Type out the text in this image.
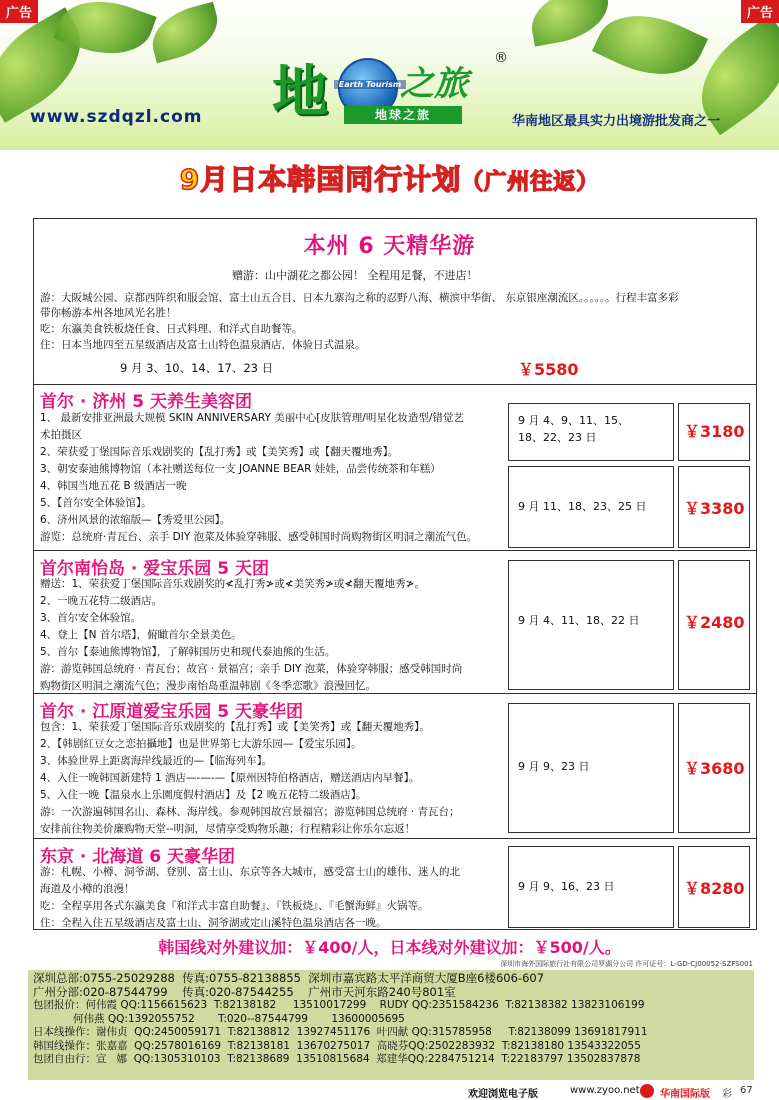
广告	广告
地	Earth Tourism
之旅
®
地球之旅
www.szdqzl.com	华南地区最具实力出境游批发商之一
9月日本韩国同行计划（广州往返）
本州 6 天精华游
赠游：山中湖花之都公园！ 全程用足餐，不进店！
游：大阪城公园、京都西阵织和服会馆、富士山五合目、日本九寨沟之称的忍野八海、横滨中华街、 东京银座潮流区。。。。。。行程丰富多彩
带你畅游本州各地风光名胜！
吃：东瀛美食铁板烧任食、日式料理、和洋式自助餐等。
住：日本当地四至五星级酒店及富士山特色温泉酒店，体验日式温泉。
9 月 3、10、14、17、23 日	￥5580
首尔 · 济州 5 天养生美容团
1、 最新安排亚洲最大规模 SKIN ANNIVERSARY 美丽中心[皮肤管理/明星化妆造型/错觉艺
术拍摄区
2、荣获爱丁堡国际音乐戏剧奖的【乱打秀】或【美笑秀】或【翻天覆地秀】。
3、朝安泰迪熊博物馆（本社赠送每位一支 JOANNE BEAR 娃娃，品尝传统茶和年糕）
4、韩国当地五花 B 级酒店一晚
5、【首尔安全体验馆】。
6、济州风景的浓缩版—【秀爱里公园】。
游览：总统府·青瓦台、亲手 DIY 泡菜及体验穿韩服、感受韩国时尚购物街区明洞之潮流气色。
9 月 4、9、11、15、
18、22、23 日	￥3180
9 月 11、18、23、25 日 ￥3380
首尔南怡岛 · 爱宝乐园 5 天团
赠送：1、荣获爱丁堡国际音乐戏剧奖的≮乱打秀≯或≮美笑秀≯或≮翻天覆地秀≯。
2、一晚五花特二级酒店。
3、首尔安全体验馆。
4、登上【N 首尔塔】，俯瞰首尔全景美色。
5、首尔【泰迪熊博物馆】，了解韩国历史和现代泰迪熊的生活。
游：游览韩国总统府 · 青瓦台；故宫 · 景福宫；亲手 DIY 泡菜，体验穿韩服；感受韩国时尚
购物街区明洞之潮流气色；漫步南怡岛重温韩剧《冬季恋歌》浪漫回忆。
9 月 4、11、18、22 日	￥2480
首尔 · 江原道爱宝乐园 5 天豪华团
包含：1、荣获爱丁堡国际音乐戏剧奖的【乱打秀】或【美笑秀】或【翻天覆地秀】。
2、【韩剧紅豆女之恋拍攝地】也是世界第七大游乐园—【爱宝乐园】。
3、体验世界上距离海岸线最近的—【临海列车】。
4、入住一晚韩国新建特 1 酒店—-—-—【原州因特伯格酒店，赠送酒店内早餐】。
5、入住一晚【温泉水上乐園度假村酒店】及【2 晚五花特二级酒店】。
游：一次游遍韩国名山、森林、海岸线。参观韩国故宫景福宫；游览韩国总统府 · 青瓦台；
安排前往物美价廉购物天堂--明洞，尽情享受购物乐趣；行程精彩让你乐尔忘返！
9 月 9、23 日	￥3680
东京 · 北海道 6 天豪华团
游：札幌、小樽、洞爷湖、登别、富士山、东京等各大城市，感受富士山的雄伟、迷人的北
海道及小樽的浪漫！
吃：全程享用各式东瀛美食『和洋式丰富自助餐』、『铁板烧』、『毛蟹海鲜』火锅等。
住：全程入住五星级酒店及富士山、洞爷湖或定山溪特色温泉酒店各一晚。
9 月 9、16、23 日	￥8280
韩国线对外建议加：￥400/人，日本线对外建议加：￥500/人。
深圳市海外国际旅行社有限公司罗湖分公司 许可证号：L-GD-CJ00052-SZFS001
深圳总部:0755-25029288  传真:0755-82138855  深圳市嘉宾路太平洋商贸大厦B座6楼606-607
广州分部:020-87544799    传真:020-87544255    广州市天河东路240号801室
包团报价：何伟霞 QQ:1156615623  T:82138182     13510017299    RUDY QQ:2351584236  T:82138382 13823106199
何伟燕 QQ:1392055752       T:020--87544799       13600005695
日本线操作：谢伟贞  QQ:2450059171  T:82138812  13927451176  叶四献 QQ:315785958     T:82138099 13691817911
韩国线操作：张嘉嘉  QQ:2578016169  T:82138181  13670275017  高晓芬QQ:2502283932  T:82138180 13543322055
包团自由行：宣   娜  QQ:1305310103  T:82138689  13510815684  郑建华QQ:2284751214  T:22183797 13502837878
欢迎浏览电子版	www.zyoo.net 华南国际版 彩 67
